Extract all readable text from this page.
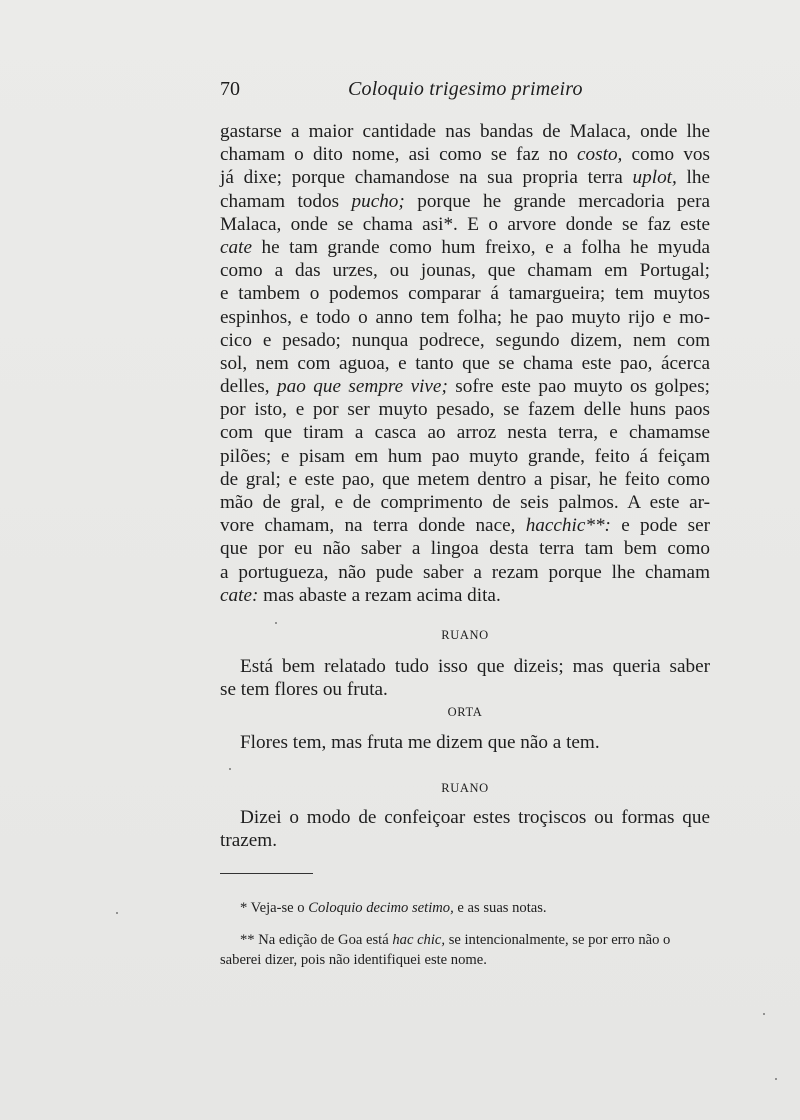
70	Coloquio trigesimo primeiro
gastarse a maior cantidade nas bandas de Malaca, onde lhe
chamam o dito nome, asi como se faz no costo, como vos
já dixe; porque chamandose na sua propria terra uplot, lhe
chamam todos pucho; porque he grande mercadoria pera
Malaca, onde se chama asi*. E o arvore donde se faz este
cate he tam grande como hum freixo, e a folha he myuda
como a das urzes, ou jounas, que chamam em Portugal;
e tambem o podemos comparar á tamargueira; tem muytos
espinhos, e todo o anno tem folha; he pao muyto rijo e mo-
cico e pesado; nunqua podrece, segundo dizem, nem com
sol, nem com aguoa, e tanto que se chama este pao, ácerca
delles, pao que sempre vive; sofre este pao muyto os golpes;
por isto, e por ser muyto pesado, se fazem delle huns paos
com que tiram a casca ao arroz nesta terra, e chamamse
pilões; e pisam em hum pao muyto grande, feito á feiçam
de gral; e este pao, que metem dentro a pisar, he feito como
mão de gral, e de comprimento de seis palmos. A este ar-
vore chamam, na terra donde nace, hacchic**: e pode ser
que por eu não saber a lingoa desta terra tam bem como
a portugueza, não pude saber a rezam porque lhe chamam
cate: mas abaste a rezam acima dita.
RUANO
Está bem relatado tudo isso que dizeis; mas queria saber
se tem flores ou fruta.
ORTA
Flores tem, mas fruta me dizem que não a tem.
RUANO
Dizei o modo de confeiçoar estes troçiscos ou formas que
trazem.
* Veja-se o Coloquio decimo setimo, e as suas notas.
** Na edição de Goa está hac chic, se intencionalmente, se por erro não o saberei dizer, pois não identifiquei este nome.
